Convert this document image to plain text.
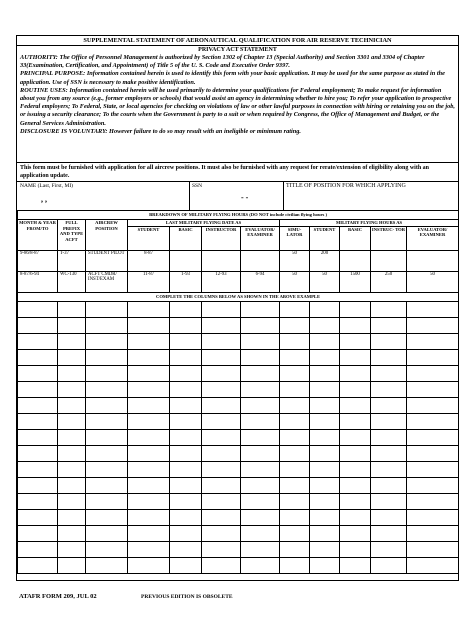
SUPPLEMENTAL STATEMENT OF AERONAUTICAL QUALIFICATION FOR AIR RESERVE TECHNICIAN
PRIVACY ACT STATEMENT

AUTHORITY: The Office of Personnel Management is authorized by Section 1302 of Chapter 13 (Special Authority) and Section 3301 and 3304 of Chapter 33(Examination, Certification, and Appointment) of Title 5 of the U. S. Code and Executive Order 9397.

PRINCIPAL PURPOSE: Information contained herein is used to identify this form with your basic application. It may be used for the same purpose as stated in the application. Use of SSN is necessary to make positive identification.

ROUTINE USES: Information contained herein will be used primarily to determine your qualifications for Federal employment; To make request for information about you from any source (e.g., former employers or schools) that would assist an agency in determining whether to hire you; To refer your application to prospective Federal employers; To Federal, State, or local agencies for checking on violations of law or other lawful purposes in connection with hiring or retaining you on the job, or issuing a security clearance; To the courts when the Government is party to a suit or when required by Congress, the Office of Management and Budget, or the General Services Administration.

DISCLOSURE IS VOLUNTARY: However failure to do so may result with an ineligible or minimum rating.

This form must be furnished with application for all aircrew positions. It must also be furnished with any request for rerate/extension of eligibility along with an application update.
NAME (Last, First, MI)
, ,
SSN
- -
TITLE OF POSITION FOR WHICH APPLYING
BREAKDOWN OF MILITARY FLYING HOURS (DO NOT include civilian flying hours )											
MONTH & YEAR FROM/TO	FULL PREFIX AND TYPE ACFT	AIRCREW POSITION	LAST MILITARY FLYING DATE AS				MILITARY FLYING HOURS AS				
			STUDENT	BASIC	INSTRUCTOR	EVALUATOR/ EXAMINER	SIMU- LATOR	STUDENT	BASIC	INSTRUC- TOR	EVALUATOR/ EXAMINER
9-86/8-87	T-37	STUDENT PILOT	8-87				50	200			
8-87/6-94	WC-130	ACFT CMDR/ INST/EXAM	11-87	1-93	12-93	6-94	50	50	1500	250	50
COMPLETE THE COLUMNS BELOW AS SHOWN IN THE ABOVE EXAMPLE											

ATAFR FORM 209, JUL 02	PREVIOUS EDITION IS OBSOLETE
